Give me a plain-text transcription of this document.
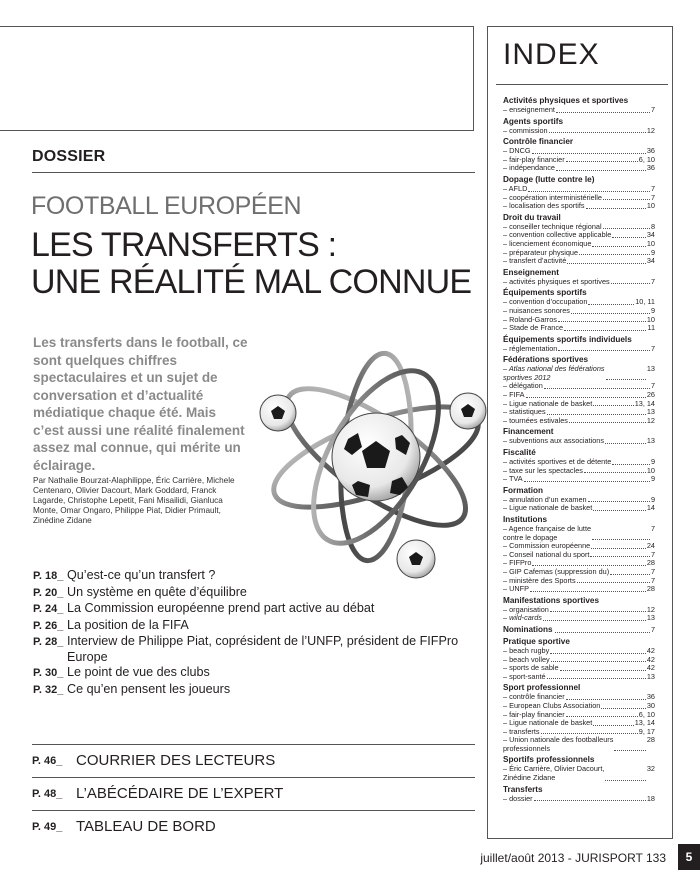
DOSSIER
FOOTBALL EUROPÉEN
LES TRANSFERTS :
UNE RÉALITÉ MAL CONNUE
Les transferts dans le football, ce sont quelques chiffres spectaculaires et un sujet de conversation et d’actualité médiatique chaque été. Mais c’est aussi une réalité finalement assez mal connue, qui mérite un éclairage.
Par Nathalie Bourzat-Alaphilippe, Éric Carrière, Michele Centenaro, Olivier Dacourt, Mark Goddard, Franck Lagarde, Christophe Lepetit, Fani Misailidi, Gianluca Monte, Omar Ongaro, Philippe Piat, Didier Primault, Zinédine Zidane
P. 18_ Qu’est-ce qu’un transfert ?
P. 20_ Un système en quête d’équilibre
P. 24_ La Commission européenne prend part active au débat
P. 26_ La position de la FIFA
P. 28_ Interview de Philippe Piat, coprésident de l’UNFP, président de FIFPro Europe
P. 30_ Le point de vue des clubs
P. 32_ Ce qu’en pensent les joueurs
P. 46_ COURRIER DES LECTEURS
P. 48_ L’ABÉCÉDAIRE DE L’EXPERT
P. 49_ TABLEAU DE BORD
INDEX
Activités physiques et sportives
– enseignement	7
Agents sportifs
– commission	12
Contrôle financier
– DNCG	36
– fair-play financier	6, 10
– indépendance	36
Dopage (lutte contre le)
– AFLD	7
– coopération interministérielle	7
– localisation des sportifs	10
Droit du travail
– conseiller technique régional	8
– convention collective applicable	34
– licenciement économique	10
– préparateur physique	9
– transfert d’activité	34
Enseignement
– activités physiques et sportives	7
Équipements sportifs
– convention d’occupation	10, 11
– nuisances sonores	9
– Roland-Garros	10
– Stade de France	11
Équipements sportifs individuels
– réglementation	7
Fédérations sportives
– Atlas national des fédérations
sportives 2012
13
– délégation	7
– FIFA	26
– Ligue nationale de basket	13, 14
– statistiques	13
– tournées estivales	12
Financement
– subventions aux associations	13
Fiscalité
– activités sportives et de détente	9
– taxe sur les spectacles	10
– TVA	9
Formation
– annulation d’un examen	9
– Ligue nationale de basket	14
Institutions
– Agence française de lutte
contre le dopage
7
– Commission européenne	24
– Conseil national du sport	7
– FIFPro	28
– GIP Cafemas (suppression du)	7
– ministère des Sports	7
– UNFP	28
Manifestations sportives
– organisation	12
– wild-cards	13
Nominations	7
Pratique sportive
– beach rugby	42
– beach volley	42
– sports de sable	42
– sport-santé	13
Sport professionnel
– contrôle financier	36
– European Clubs Association	30
– fair-play financier	6, 10
– Ligue nationale de basket	13, 14
– transferts	9, 17
– Union nationale des footballeurs
professionnels
28
Sportifs professionnels
– Éric Carrière, Olivier Dacourt,
Zinédine Zidane
32
Transferts
– dossier	18
juillet/août 2013 - JURISPORT 133	5
